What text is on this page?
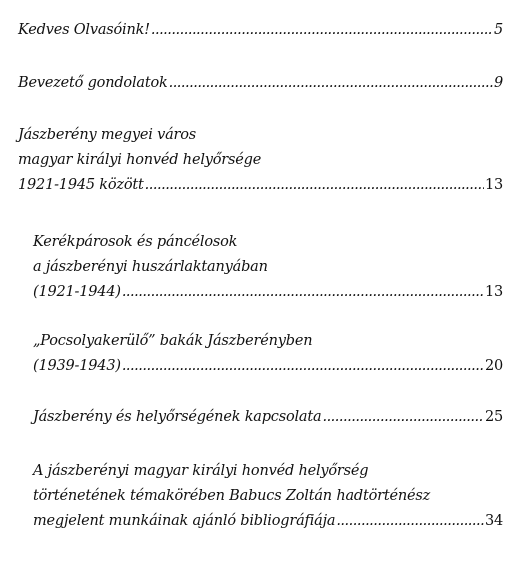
Kedves Olvasóink! .....	5
Bevezető gondolatok .....	9
Jászberény megyei város
magyar királyi honvéd helyőrsége
1921-1945 között .....	13
Kerékpárosok és páncélosok
a jászberényi huszárlaktanyában
(1921-1944) .....	13
„Pocsolyakerülő” bakák Jászberényben
(1939-1943) .....	20
Jászberény és helyőrségének kapcsolata .....	25
A jászberényi magyar királyi honvéd helyőrség
történetének témakörében Babucs Zoltán hadtörténész
megjelent munkáinak ajánló bibliográfiája .....	34
